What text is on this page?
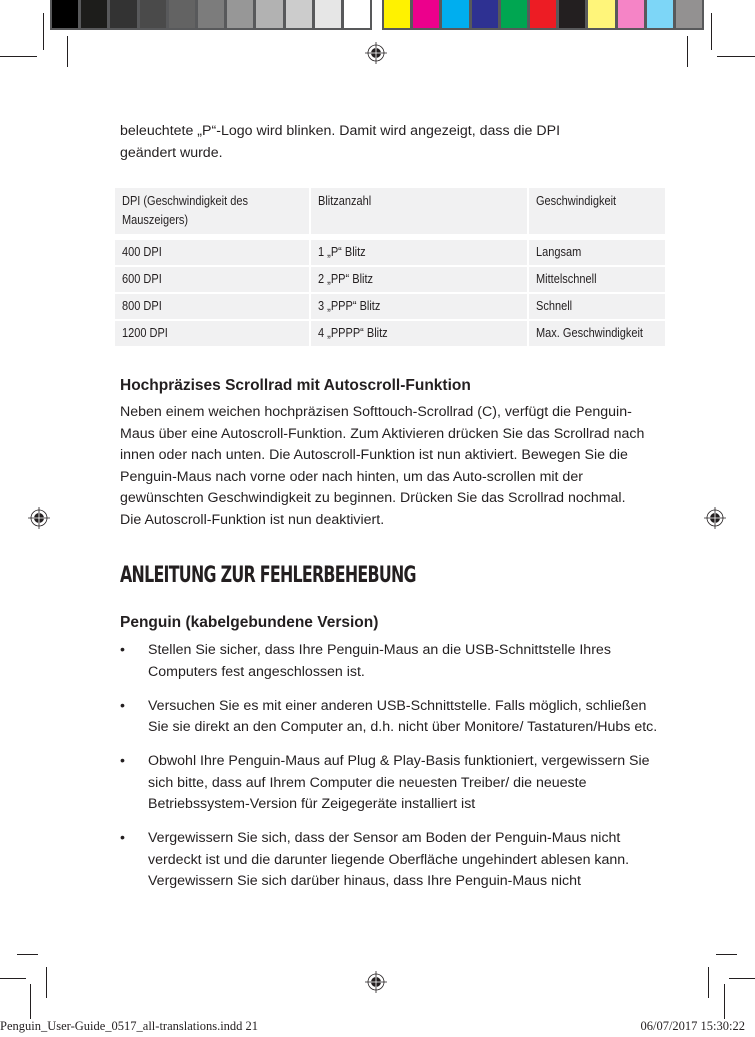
beleuchtete „P“-Logo wird blinken. Damit wird angezeigt, dass die DPI geändert wurde.

DPI (Geschwindigkeit des Mauszeigers)	Blitzanzahl	Geschwindigkeit

400 DPI	1 „P“ Blitz	Langsam
600 DPI	2 „PP“ Blitz	Mittelschnell
800 DPI	3 „PPP“ Blitz	Schnell
1200 DPI	4 „PPPP“ Blitz	Max. Geschwindigkeit
Hochpräzises Scrollrad mit Autoscroll-Funktion

Neben einem weichen hochpräzisen Softtouch-Scrollrad (C), verfügt die Penguin-Maus über eine Autoscroll-Funktion. Zum Aktivieren drücken Sie das Scrollrad nach innen oder nach unten. Die Autoscroll-Funktion ist nun aktiviert. Bewegen Sie die Penguin-Maus nach vorne oder nach hinten, um das Auto-scrollen mit der gewünschten Geschwindigkeit zu beginnen. Drücken Sie das Scrollrad nochmal. Die Autoscroll-Funktion ist nun deaktiviert.

ANLEITUNG ZUR FEHLERBEHEBUNG
Penguin (kabelgebundene Version)
• Stellen Sie sicher, dass Ihre Penguin-Maus an die USB-Schnittstelle Ihres Computers fest angeschlossen ist.
• Versuchen Sie es mit einer anderen USB-Schnittstelle. Falls möglich, schließen Sie sie direkt an den Computer an, d.h. nicht über Monitore/ Tastaturen/Hubs etc.
• Obwohl Ihre Penguin-Maus auf Plug & Play-Basis funktioniert, vergewissern Sie sich bitte, dass auf Ihrem Computer die neuesten Treiber/ die neueste Betriebssystem-Version für Zeigegeräte installiert ist
• Vergewissern Sie sich, dass der Sensor am Boden der Penguin-Maus nicht verdeckt ist und die darunter liegende Oberfläche ungehindert ablesen kann. Vergewissern Sie sich darüber hinaus, dass Ihre Penguin-Maus nicht
Penguin_User-Guide_0517_all-translations.indd 21	06/07/2017 15:30:22
